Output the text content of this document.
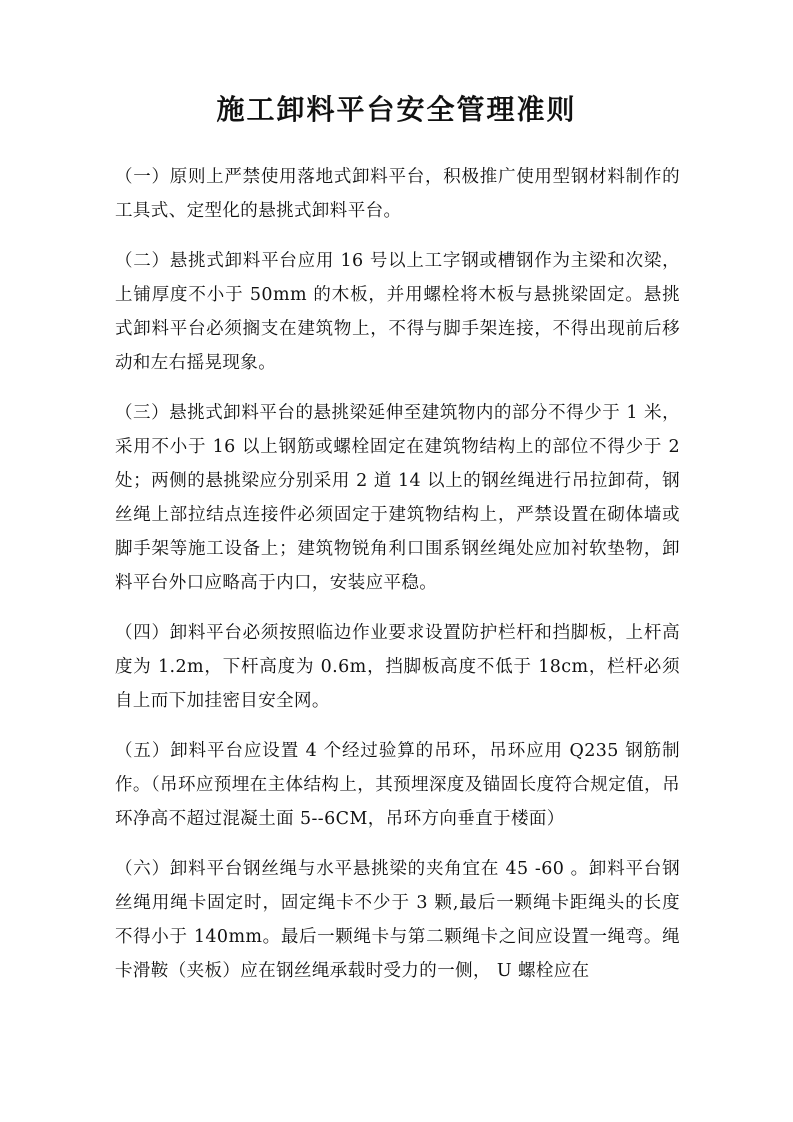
施工卸料平台安全管理准则

（一）原则上严禁使用落地式卸料平台，积极推广使用型钢材料制作的工具式、定型化的悬挑式卸料平台。

（二）悬挑式卸料平台应用 16 号以上工字钢或槽钢作为主梁和次梁，上铺厚度不小于 50mm 的木板，并用螺栓将木板与悬挑梁固定。悬挑式卸料平台必须搁支在建筑物上，不得与脚手架连接，不得出现前后移动和左右摇晃现象。

（三）悬挑式卸料平台的悬挑梁延伸至建筑物内的部分不得少于 1 米，采用不小于 16 以上钢筋或螺栓固定在建筑物结构上的部位不得少于 2 处；两侧的悬挑梁应分别采用 2 道 14 以上的钢丝绳进行吊拉卸荷，钢丝绳上部拉结点连接件必须固定于建筑物结构上，严禁设置在砌体墙或脚手架等施工设备上；建筑物锐角利口围系钢丝绳处应加衬软垫物，卸料平台外口应略高于内口，安装应平稳。

（四）卸料平台必须按照临边作业要求设置防护栏杆和挡脚板，上杆高度为 1.2m，下杆高度为 0.6m，挡脚板高度不低于 18cm，栏杆必须自上而下加挂密目安全网。

（五）卸料平台应设置 4 个经过验算的吊环，吊环应用 Q235 钢筋制作。（吊环应预埋在主体结构上，其预埋深度及锚固长度符合规定值，吊环净高不超过混凝土面 5--6CM，吊环方向垂直于楼面）

（六）卸料平台钢丝绳与水平悬挑梁的夹角宜在 45 -60 。卸料平台钢丝绳用绳卡固定时，固定绳卡不少于 3 颗,最后一颗绳卡距绳头的长度不得小于 140mm。最后一颗绳卡与第二颗绳卡之间应设置一绳弯。绳卡滑鞍（夹板）应在钢丝绳承载时受力的一侧， U 螺栓应在
